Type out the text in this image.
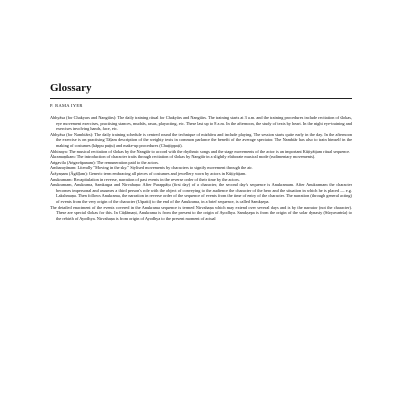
Glossary
P. RAMA IYER

Abhyāsa (for Chakyars and Nangiārs): The daily training ritual for Chakyārs and Nangiārs. The training starts at 3 a.m. and the training procedures include recitation of ślokas, eye movement exercises, practising stances, mudrās, rasas, playacting, etc. These last up to 8 a.m. In the afternoon, the study of texts by heart. In the night eye-training and exercises involving hands, face, etc.

Abhyāsa (for Nambiārs): The daily training schedule is centred round the technique of mizhāvu and include playing. The session starts quite early in the day. In the afternoon the exercise is on practising Tāḷam description of the weighty texts in common parlance the benefit of the average spectator. The Nambiār has also to train himself in the making of costumes (kāppu puṭṭu) and make-up procedures (Chuṭṭippaṭi).

Abhinaya: The musical recitation of ślokas by the Nangiār to accord with the rhythmic songs and the stage movements of the actor is an important Kūṭiyāṭṭam ritual sequence.

Ākramaṇikam: The introduction of character traits through recitation of ślokas by Nangiār in a slightly elaborate musical mode (rudimentary movements).

Aṅgavila (Aṅgavāpanam): The remuneration paid to the actors.

Ambarayānam: Literally "Moving in the sky." Stylised movements by characters to signify movement through the air.

Ārāyaṇam (Āgāḷḷam): Generic term embracing all pieces of costumes and jewellery worn by actors in Kūṭiyāṭṭam.

Anukramam: Recapitulation in reverse, narration of past events in the reverse order of their time by the actors.

Anukramam, Anukrama, Samkaṣpa and Nirvahaṇa: After Purappāṭu (first day) of a character, the second day's sequence is Anukramam. After Anukramam the character becomes impersonal and assumes a third person's role with the object of conveying to the audience the character of the hero and the situation in which he is placed — e.g. Lakshmaṇa. Then follows Anukrama, the narration in reverse order of the sequence of events from the time of entry of the character. The narration (through general acting) of events from the very origin of the character (Utpatti) to the end of the Anukrama, in a brief sequence, is called Samkṣepa.

The detailed enactment of the events covered in the Anukrama sequence is termed Nirvahaṇa which may extend over several days and is by the narrator (not the character). These are special ślokas for this. In Cūḍāmaṇi, Anukrama is from the present to the origin of Ayodhya. Samkṣepa is from the origin of the solar dynasty (Sūryavaṁśa) to the rebirth of Ayodhya. Nirvahaṇa is from origin of Ayodhya to the present moment of actual
